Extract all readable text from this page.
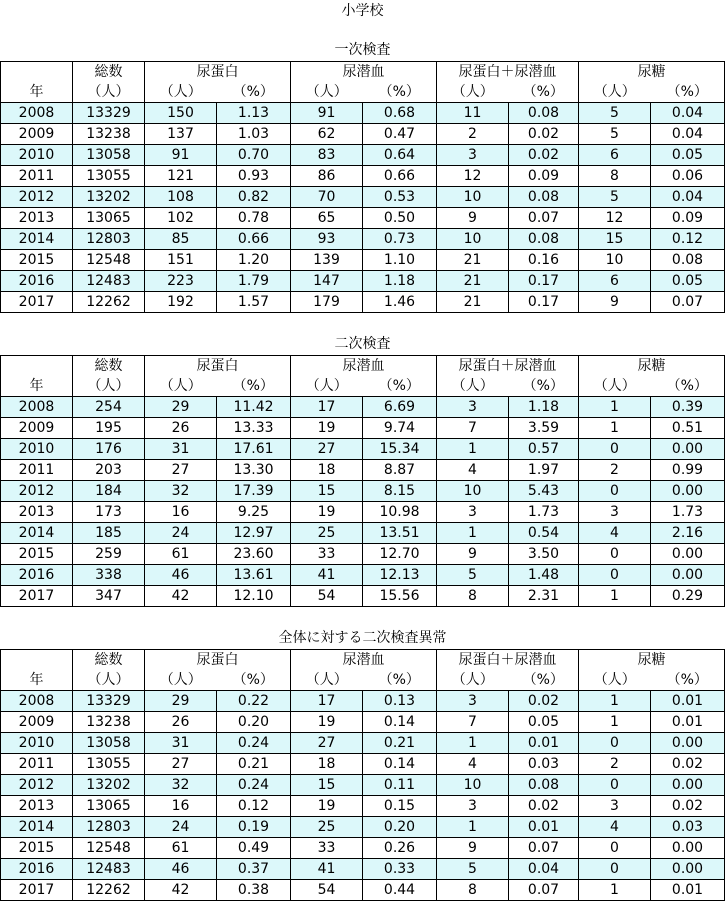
小学校
一次検査
	総数	尿蛋白		尿潜血		尿蛋白＋尿潜血		尿糖	
年	（人）	（人）	（%）	（人）	（%）	（人）	（%）	（人）	（%）
2008	13329	150	1.13	91	0.68	11	0.08	5	0.04
2009	13238	137	1.03	62	0.47	2	0.02	5	0.04
2010	13058	91	0.70	83	0.64	3	0.02	6	0.05
2011	13055	121	0.93	86	0.66	12	0.09	8	0.06
2012	13202	108	0.82	70	0.53	10	0.08	5	0.04
2013	13065	102	0.78	65	0.50	9	0.07	12	0.09
2014	12803	85	0.66	93	0.73	10	0.08	15	0.12
2015	12548	151	1.20	139	1.10	21	0.16	10	0.08
2016	12483	223	1.79	147	1.18	21	0.17	6	0.05
2017	12262	192	1.57	179	1.46	21	0.17	9	0.07
二次検査
	総数	尿蛋白		尿潜血		尿蛋白＋尿潜血		尿糖	
年	（人）	（人）	（%）	（人）	（%）	（人）	（%）	（人）	（%）
2008	254	29	11.42	17	6.69	3	1.18	1	0.39
2009	195	26	13.33	19	9.74	7	3.59	1	0.51
2010	176	31	17.61	27	15.34	1	0.57	0	0.00
2011	203	27	13.30	18	8.87	4	1.97	2	0.99
2012	184	32	17.39	15	8.15	10	5.43	0	0.00
2013	173	16	9.25	19	10.98	3	1.73	3	1.73
2014	185	24	12.97	25	13.51	1	0.54	4	2.16
2015	259	61	23.60	33	12.70	9	3.50	0	0.00
2016	338	46	13.61	41	12.13	5	1.48	0	0.00
2017	347	42	12.10	54	15.56	8	2.31	1	0.29
全体に対する二次検査異常
	総数	尿蛋白		尿潜血		尿蛋白＋尿潜血		尿糖	
年	（人）	（人）	（%）	（人）	（%）	（人）	（%）	（人）	（%）
2008	13329	29	0.22	17	0.13	3	0.02	1	0.01
2009	13238	26	0.20	19	0.14	7	0.05	1	0.01
2010	13058	31	0.24	27	0.21	1	0.01	0	0.00
2011	13055	27	0.21	18	0.14	4	0.03	2	0.02
2012	13202	32	0.24	15	0.11	10	0.08	0	0.00
2013	13065	16	0.12	19	0.15	3	0.02	3	0.02
2014	12803	24	0.19	25	0.20	1	0.01	4	0.03
2015	12548	61	0.49	33	0.26	9	0.07	0	0.00
2016	12483	46	0.37	41	0.33	5	0.04	0	0.00
2017	12262	42	0.38	54	0.44	8	0.07	1	0.01
